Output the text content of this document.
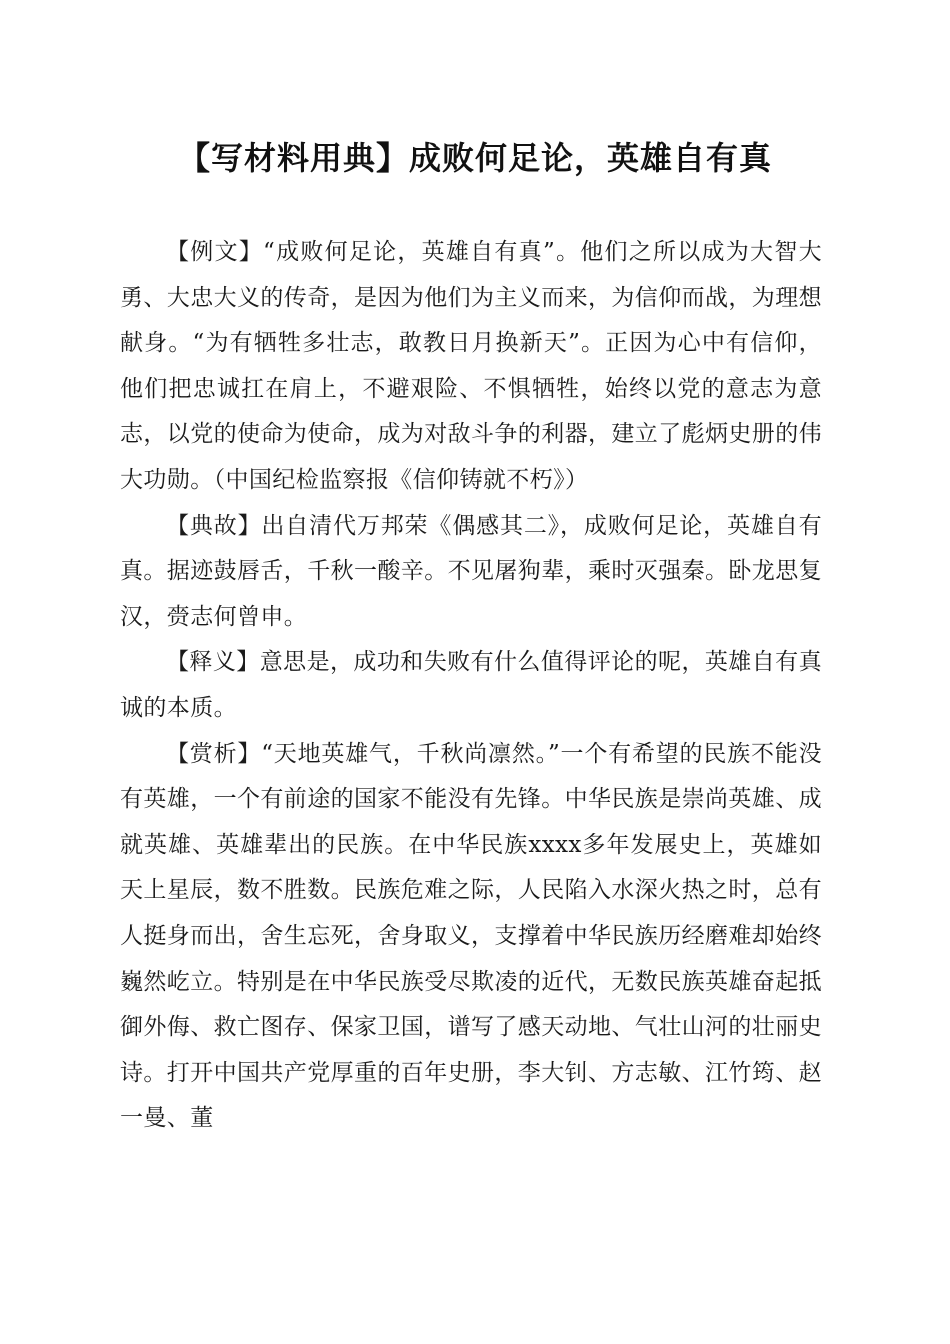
【写材料用典】成败何足论，英雄自有真

【例文】“成败何足论，英雄自有真”。他们之所以成为大智大勇、大忠大义的传奇，是因为他们为主义而来，为信仰而战，为理想献身。“为有牺牲多壮志，敢教日月换新天”。正因为心中有信仰，他们把忠诚扛在肩上，不避艰险、不惧牺牲，始终以党的意志为意志，以党的使命为使命，成为对敌斗争的利器，建立了彪炳史册的伟大功勋。（中国纪检监察报《信仰铸就不朽》）

【典故】出自清代万邦荣《偶感其二》，成败何足论，英雄自有真。据迹鼓唇舌，千秋一酸辛。不见屠狗辈，乘时灭强秦。卧龙思复汉，赍志何曾申。

【释义】意思是，成功和失败有什么值得评论的呢，英雄自有真诚的本质。

【赏析】“天地英雄气，千秋尚凛然。”一个有希望的民族不能没有英雄，一个有前途的国家不能没有先锋。中华民族是崇尚英雄、成就英雄、英雄辈出的民族。在中华民族xxxx多年发展史上，英雄如天上星辰，数不胜数。民族危难之际，人民陷入水深火热之时，总有人挺身而出，舍生忘死，舍身取义，支撑着中华民族历经磨难却始终巍然屹立。特别是在中华民族受尽欺凌的近代，无数民族英雄奋起抵御外侮、救亡图存、保家卫国，谱写了感天动地、气壮山河的壮丽史诗。打开中国共产党厚重的百年史册，李大钊、方志敏、江竹筠、赵一曼、董
